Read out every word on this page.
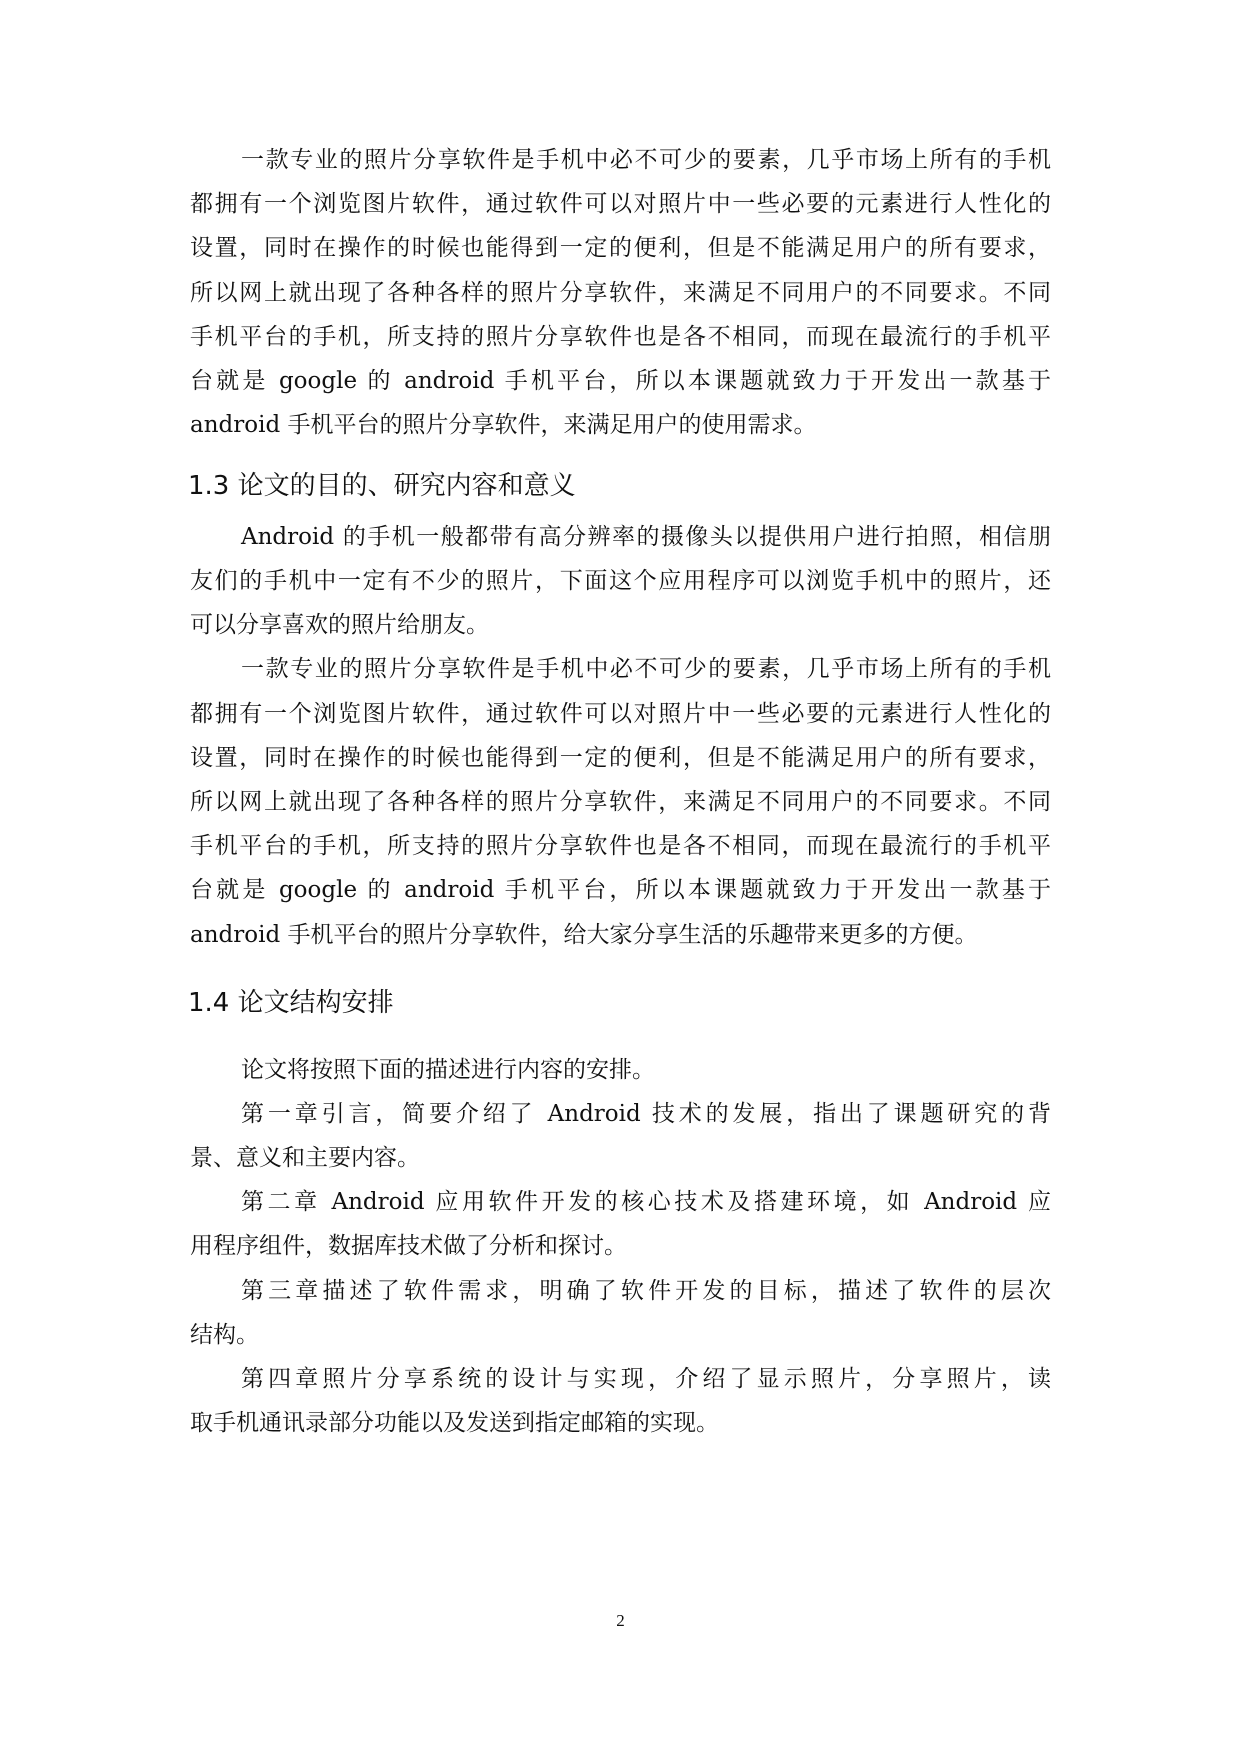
一款专业的照片分享软件是手机中必不可少的要素，几乎市场上所有的手机
都拥有一个浏览图片软件，通过软件可以对照片中一些必要的元素进行人性化的
设置，同时在操作的时候也能得到一定的便利，但是不能满足用户的所有要求，
所以网上就出现了各种各样的照片分享软件，来满足不同用户的不同要求。不同
手机平台的手机，所支持的照片分享软件也是各不相同，而现在最流行的手机平
台就是 google 的 android 手机平台，所以本课题就致力于开发出一款基于
android 手机平台的照片分享软件，来满足用户的使用需求。
1.3 论文的目的、研究内容和意义
Android 的手机一般都带有高分辨率的摄像头以提供用户进行拍照，相信朋
友们的手机中一定有不少的照片，下面这个应用程序可以浏览手机中的照片，还
可以分享喜欢的照片给朋友。
一款专业的照片分享软件是手机中必不可少的要素，几乎市场上所有的手机
都拥有一个浏览图片软件，通过软件可以对照片中一些必要的元素进行人性化的
设置，同时在操作的时候也能得到一定的便利，但是不能满足用户的所有要求，
所以网上就出现了各种各样的照片分享软件，来满足不同用户的不同要求。不同
手机平台的手机，所支持的照片分享软件也是各不相同，而现在最流行的手机平
台就是 google 的 android 手机平台，所以本课题就致力于开发出一款基于
android 手机平台的照片分享软件，给大家分享生活的乐趣带来更多的方便。
1.4 论文结构安排
论文将按照下面的描述进行内容的安排。
第一章引言，简要介绍了 Android 技术的发展，指出了课题研究的背
景、意义和主要内容。
第二章 Android 应用软件开发的核心技术及搭建环境，如 Android 应
用程序组件，数据库技术做了分析和探讨。
第三章描述了软件需求，明确了软件开发的目标，描述了软件的层次
结构。
第四章照片分享系统的设计与实现，介绍了显示照片，分享照片，读
取手机通讯录部分功能以及发送到指定邮箱的实现。
2
